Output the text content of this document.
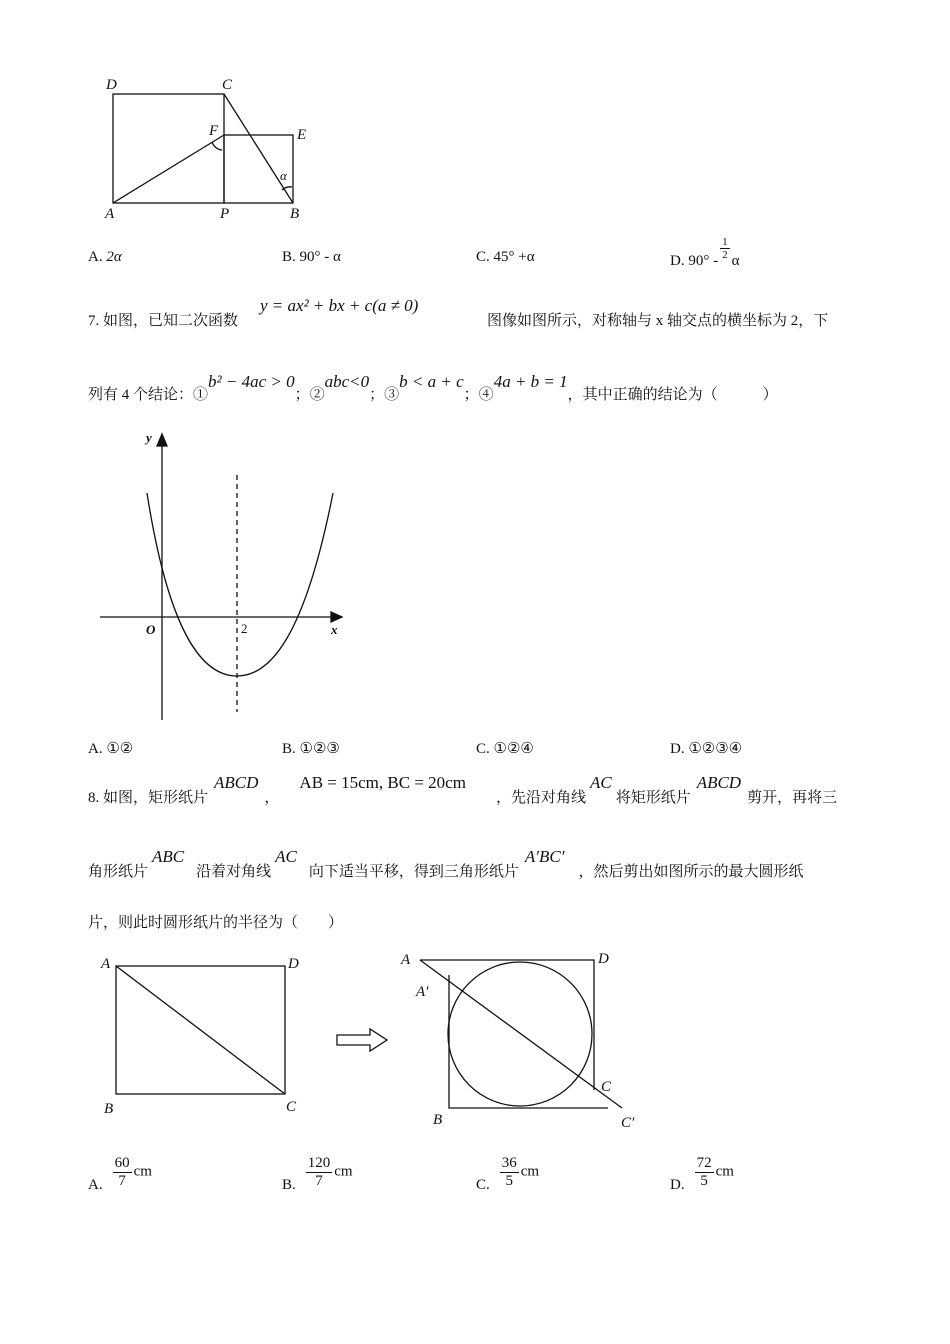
D	C
F	E
A	P	B
α
y
x
O	2
A	D
B	C
A	D
A′
C
B	C′
A. 2α	B. 90° - α	C. 45° +α	D. $90^\circ - \frac{1}{2}$ α
7. 如图，已知二次函数
y = ax² + bx + c(a ≠ 0)
图像如图所示，对称轴与 x 轴交点的横坐标为 2，下
列有 4 个结论：①b² − 4ac > 0；②abc<0；③b < a + c；④4a + b = 1，其中正确的结论为（　　　）
A. ①②	B. ①②③	C. ①②④	D. ①②③④
8. 如图，矩形纸片ABCD，AB = 15cm, BC = 20cm，先沿对角线AC将矩形纸片ABCD剪开，再将三
角形纸片ABC沿着对角线AC向下适当平移，得到三角形纸片A′BC′，然后剪出如图所示的最大圆形纸
片，则此时圆形纸片的半径为（　　）
A. $\frac{60}{7}$ cm
B. $\frac{120}{7}$ cm
C. $\frac{36}{5}$ cm
D. $\frac{72}{5}$ cm
